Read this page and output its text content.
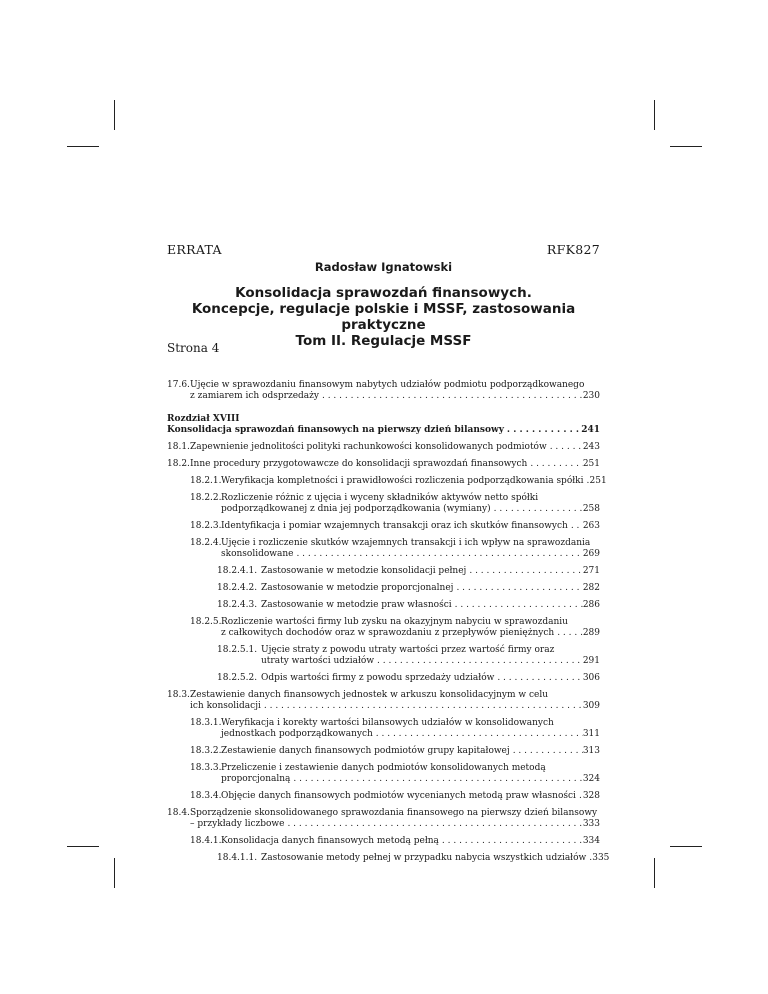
ERRATA	RFK827
Radosław Ignatowski
Konsolidacja sprawozdań finansowych.
Koncepcje, regulacje polskie i MSSF, zastosowania praktyczne
Tom II. Regulacje MSSF
Strona 4
17.6. Ujęcie w sprawozdaniu finansowym nabytych udziałów podmiotu podporządkowanego
z zamiarem ich odsprzedaży . . .	230
Rozdział XVIII
Konsolidacja sprawozdań finansowych na pierwszy dzień bilansowy . . .	241
18.1. Zapewnienie jednolitości polityki rachunkowości konsolidowanych podmiotów . . .	243
18.2. Inne procedury przygotowawcze do konsolidacji sprawozdań finansowych . . .	251
18.2.1. Weryfikacja kompletności i prawidłowości rozliczenia podporządkowania spółki . . . 251
18.2.2. Rozliczenie różnic z ujęcia i wyceny składników aktywów netto spółki
podporządkowanej z dnia jej podporządkowania (wymiany) . . .	258
18.2.3. Identyfikacja i pomiar wzajemnych transakcji oraz ich skutków finansowych . . . 263
18.2.4. Ujęcie i rozliczenie skutków wzajemnych transakcji i ich wpływ na sprawozdania
skonsolidowane . . .	269
18.2.4.1. Zastosowanie w metodzie konsolidacji pełnej . . .	271
18.2.4.2. Zastosowanie w metodzie proporcjonalnej . . .	282
18.2.4.3. Zastosowanie w metodzie praw własności . . .	286
18.2.5. Rozliczenie wartości firmy lub zysku na okazyjnym nabyciu w sprawozdaniu
z całkowitych dochodów oraz w sprawozdaniu z przepływów pieniężnych . . .	289
18.2.5.1. Ujęcie straty z powodu utraty wartości przez wartość firmy oraz
utraty wartości udziałów . . .	291
18.2.5.2. Odpis wartości firmy z powodu sprzedaży udziałów . . .	306
18.3. Zestawienie danych finansowych jednostek w arkuszu konsolidacyjnym w celu
ich konsolidacji . . .	309
18.3.1. Weryfikacja i korekty wartości bilansowych udziałów w konsolidowanych
jednostkach podporządkowanych . . .	311
18.3.2. Zestawienie danych finansowych podmiotów grupy kapitałowej . . .	313
18.3.3. Przeliczenie i zestawienie danych podmiotów konsolidowanych metodą
proporcjonalną . . .	324
18.3.4. Objęcie danych finansowych podmiotów wycenianych metodą praw własności . . . 328
18.4. Sporządzenie skonsolidowanego sprawozdania finansowego na pierwszy dzień bilansowy
– przykłady liczbowe . . .	333
18.4.1. Konsolidacja danych finansowych metodą pełną . . .	334
18.4.1.1. Zastosowanie metody pełnej w przypadku nabycia wszystkich udziałów . . . 335
